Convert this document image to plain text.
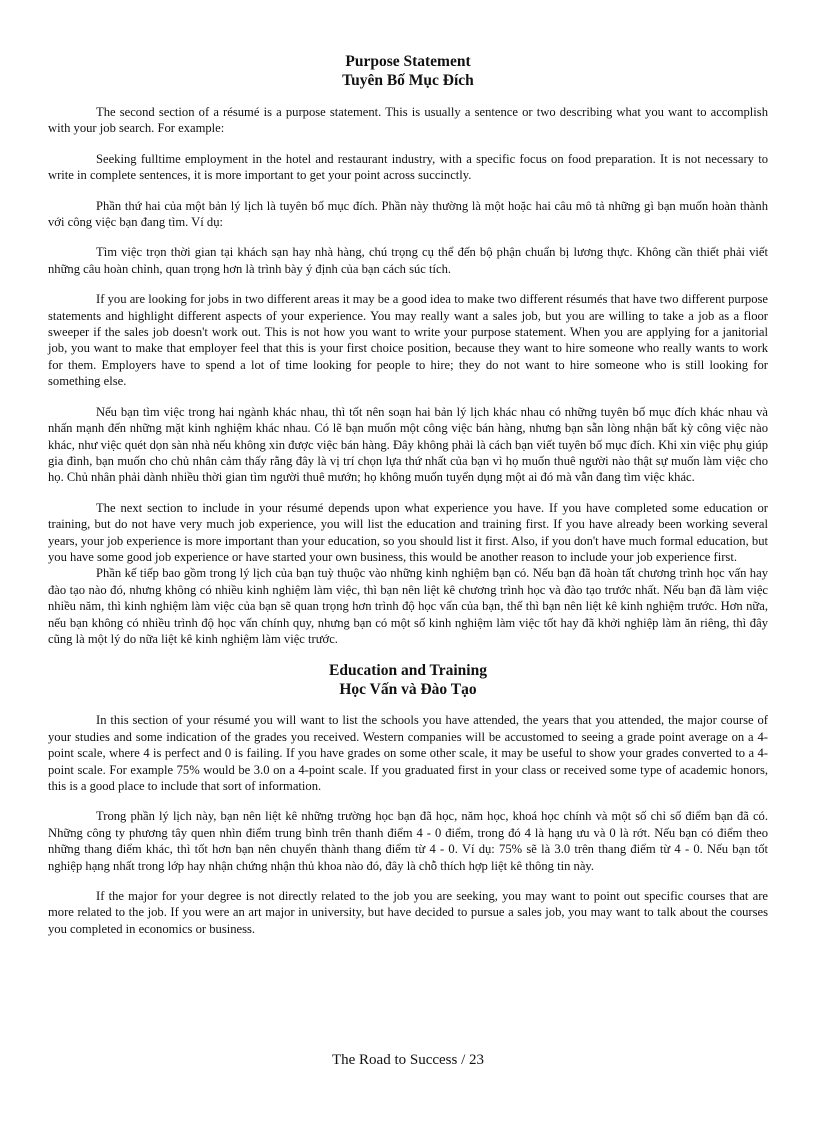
Purpose Statement
Tuyên Bố Mục Đích

The second section of a résumé is a purpose statement. This is usually a sentence or two describing what you want to accomplish with your job search. For example:

Seeking fulltime employment in the hotel and restaurant industry, with a specific focus on food preparation. It is not necessary to write in complete sentences, it is more important to get your point across succinctly.

Phần thứ hai của một bản lý lịch là tuyên bố mục đích. Phần này thường là một hoặc hai câu mô tả những gì bạn muốn hoàn thành với công việc bạn đang tìm. Ví dụ:

Tìm việc trọn thời gian tại khách sạn hay nhà hàng, chú trọng cụ thể đến bộ phận chuẩn bị lương thực. Không cần thiết phải viết những câu hoàn chỉnh, quan trọng hơn là trình bày ý định của bạn cách súc tích.

If you are looking for jobs in two different areas it may be a good idea to make two different résumés that have two different purpose statements and highlight different aspects of your experience. You may really want a sales job, but you are willing to take a job as a floor sweeper if the sales job doesn't work out. This is not how you want to write your purpose statement. When you are applying for a janitorial job, you want to make that employer feel that this is your first choice position, because they want to hire someone who really wants to work for them. Employers have to spend a lot of time looking for people to hire; they do not want to hire someone who is still looking for something else.

Nếu bạn tìm việc trong hai ngành khác nhau, thì tốt nên soạn hai bản lý lịch khác nhau có những tuyên bố mục đích khác nhau và nhấn mạnh đến những mặt kinh nghiệm khác nhau. Có lẽ bạn muốn một công việc bán hàng, nhưng bạn sẵn lòng nhận bất kỳ công việc nào khác, như việc quét dọn sàn nhà nếu không xin được việc bán hàng. Đây không phải là cách bạn viết tuyên bố mục đích. Khi xin việc phụ giúp gia đình, bạn muốn cho chủ nhân cảm thấy rằng đây là vị trí chọn lựa thứ nhất của bạn vì họ muốn thuê người nào thật sự muốn làm việc cho họ. Chủ nhân phải dành nhiều thời gian tìm người thuê mướn; họ không muốn tuyển dụng một ai đó mà vẫn đang tìm việc khác.

The next section to include in your résumé depends upon what experience you have. If you have completed some education or training, but do not have very much job experience, you will list the education and training first. If you have already been working several years, your job experience is more important than your education, so you should list it first. Also, if you don't have much formal education, but you have some good job experience or have started your own business, this would be another reason to include your job experience first.

Phần kế tiếp bao gồm trong lý lịch của bạn tuỳ thuộc vào những kinh nghiệm bạn có. Nếu bạn đã hoàn tất chương trình học vấn hay đào tạo nào đó, nhưng không có nhiều kinh nghiệm làm việc, thì bạn nên liệt kê chương trình học và đào tạo trước nhất. Nếu bạn đã làm việc nhiều năm, thì kinh nghiệm làm việc của bạn sẽ quan trọng hơn trình độ học vấn của bạn, thế thì bạn nên liệt kê kinh nghiệm trước. Hơn nữa, nếu bạn không có nhiều trình độ học vấn chính quy, nhưng bạn có một số kinh nghiệm làm việc tốt hay đã khởi nghiệp làm ăn riêng, thì đây cũng là một lý do nữa liệt kê kinh nghiệm làm việc trước.

Education and Training
Học Vấn và Đào Tạo

In this section of your résumé you will want to list the schools you have attended, the years that you attended, the major course of your studies and some indication of the grades you received. Western companies will be accustomed to seeing a grade point average on a 4-point scale, where 4 is perfect and 0 is failing. If you have grades on some other scale, it may be useful to show your grades converted to a 4-point scale. For example 75% would be 3.0 on a 4-point scale. If you graduated first in your class or received some type of academic honors, this is a good place to include that sort of information.

Trong phần lý lịch này, bạn nên liệt kê những trường học bạn đã học, năm học, khoá học chính và một số chỉ số điểm bạn đã có. Những công ty phương tây quen nhìn điểm trung bình trên thanh điểm 4 - 0 điểm, trong đó 4 là hạng ưu và 0 là rớt. Nếu bạn có điểm theo những thang điểm khác, thì tốt hơn bạn nên chuyển thành thang điểm từ 4 - 0. Ví dụ: 75% sẽ là 3.0 trên thang điểm từ 4 - 0. Nếu bạn tốt nghiệp hạng nhất trong lớp hay nhận chứng nhận thủ khoa nào đó, đây là chỗ thích hợp liệt kê thông tin này.

If the major for your degree is not directly related to the job you are seeking, you may want to point out specific courses that are more related to the job. If you were an art major in university, but have decided to pursue a sales job, you may want to talk about the courses you completed in economics or business.

The Road to Success / 23
